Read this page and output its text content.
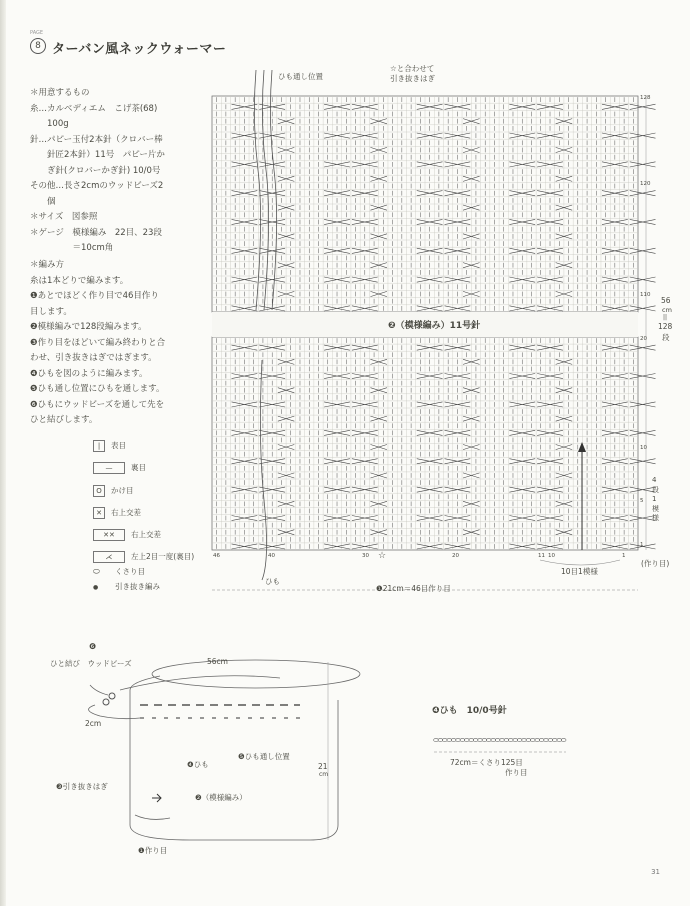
PAGE
8 ターバン風ネックウォーマー
＊用意するもの
糸…カルベディエム　こげ茶(68)
　　100g
針…パピー玉付2本針（クロバー棒
　　針匠2本針）11号　パピー片か
　　ぎ針(クロバーかぎ針) 10/0号
その他…長さ2cmのウッドビーズ2
　　個
＊サイズ　図参照
＊ゲージ　模様編み　22目、23段
　　　　　＝10cm角
＊編み方
糸は1本どりで編みます。
❶あとでほどく作り目で46目作り
目します。
❷模様編みで128段編みます。
❸作り目をほどいて編み終わりと合
わせ、引き抜きはぎではぎます。
❹ひもを図のように編みます。
❺ひも通し位置にひもを通します。
❻ひもにウッドビーズを通して先を
ひと結びします。
| 表目
— 裏目
O かけ目
✕ 右上交差
✕✕ 右上交差
⋌ 左上2目一度(裏目)
⬭ くさり目
● 引き抜き編み
ひも通し位置
☆と合わせて
引き抜きはぎ
❷（模様編み）11号針
128
120
110
20
10
5
1
46	40	30	20	11 10	1
56
cm
||
128
段
4
段
1
模
様
(作り目)
10目1模様
ひも
❶21cm＝46目作り目
☆
❻
ひと結び　ウッドビーズ	56cm
2cm
❹ひも
❺ひも通し位置
21
cm
❸引き抜きはぎ
❷（模様編み）
❶作り目
❹ひも　10/0号針
72cm＝くさり125目
作り目
31
